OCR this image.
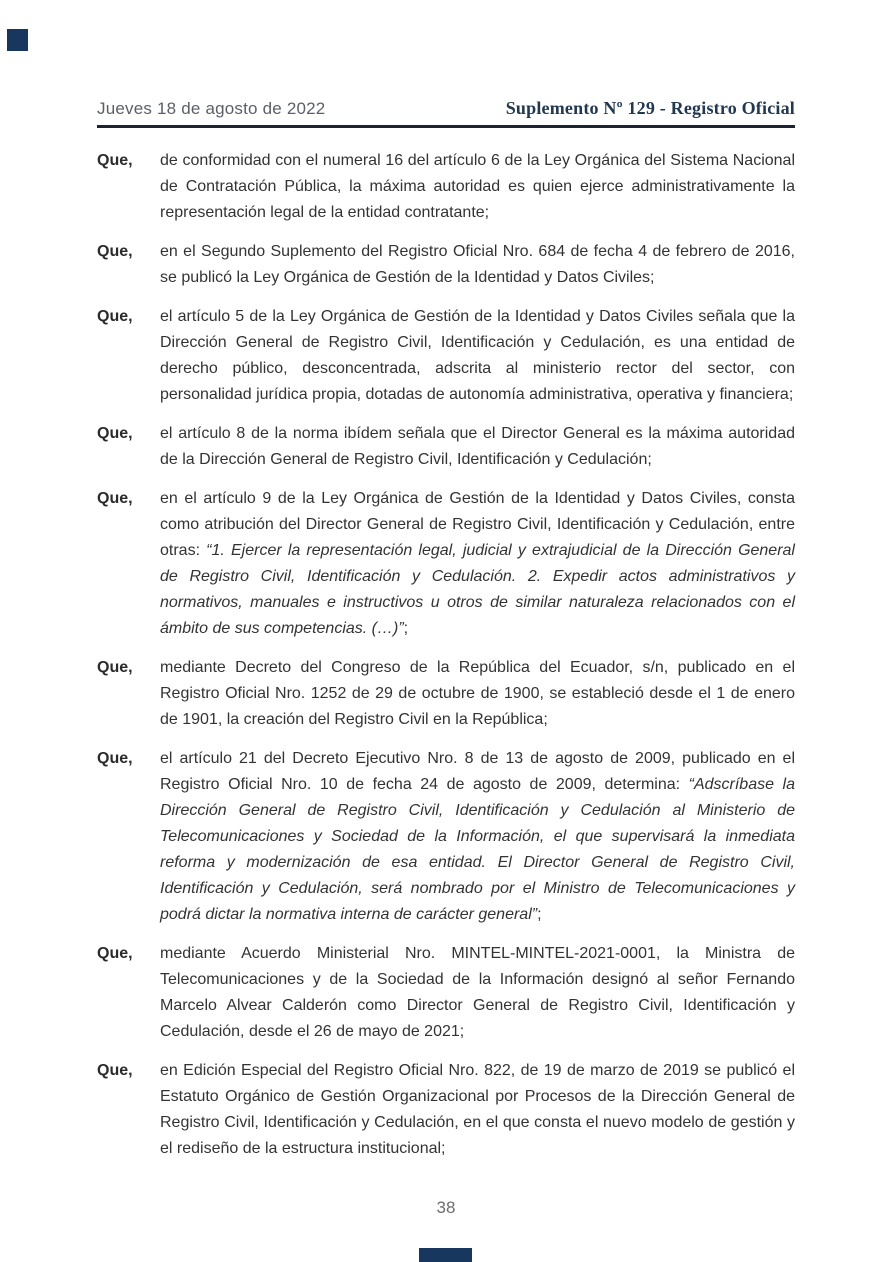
Jueves 18 de agosto de 2022	Suplemento Nº 129 - Registro Oficial
Que,	de conformidad con el numeral 16 del artículo 6 de la Ley Orgánica del Sistema Nacional de Contratación Pública, la máxima autoridad es quien ejerce administrativamente la representación legal de la entidad contratante;

Que,	en el Segundo Suplemento del Registro Oficial Nro. 684 de fecha 4 de febrero de 2016, se publicó la Ley Orgánica de Gestión de la Identidad y Datos Civiles;

Que,	el artículo 5 de la Ley Orgánica de Gestión de la Identidad y Datos Civiles señala que la Dirección General de Registro Civil, Identificación y Cedulación, es una entidad de derecho público, desconcentrada, adscrita al ministerio rector del sector, con personalidad jurídica propia, dotadas de autonomía administrativa, operativa y financiera;

Que,	el artículo 8 de la norma ibídem señala que el Director General es la máxima autoridad de la Dirección General de Registro Civil, Identificación y Cedulación;

Que,	en el artículo 9 de la Ley Orgánica de Gestión de la Identidad y Datos Civiles, consta como atribución del Director General de Registro Civil, Identificación y Cedulación, entre otras: “1. Ejercer la representación legal, judicial y extrajudicial de la Dirección General de Registro Civil, Identificación y Cedulación. 2. Expedir actos administrativos y normativos, manuales e instructivos u otros de similar naturaleza relacionados con el ámbito de sus competencias. (…)”;

Que,	mediante Decreto del Congreso de la República del Ecuador, s/n, publicado en el Registro Oficial Nro. 1252 de 29 de octubre de 1900, se estableció desde el 1 de enero de 1901, la creación del Registro Civil en la República;

Que,	el artículo 21 del Decreto Ejecutivo Nro. 8 de 13 de agosto de 2009, publicado en el Registro Oficial Nro. 10 de fecha 24 de agosto de 2009, determina: “Adscríbase la Dirección General de Registro Civil, Identificación y Cedulación al Ministerio de Telecomunicaciones y Sociedad de la Información, el que supervisará la inmediata reforma y modernización de esa entidad. El Director General de Registro Civil, Identificación y Cedulación, será nombrado por el Ministro de Telecomunicaciones y podrá dictar la normativa interna de carácter general”;

Que,	mediante Acuerdo Ministerial Nro. MINTEL-MINTEL-2021-0001, la Ministra de Telecomunicaciones y de la Sociedad de la Información designó al señor Fernando Marcelo Alvear Calderón como Director General de Registro Civil, Identificación y Cedulación, desde el 26 de mayo de 2021;

Que,	en Edición Especial del Registro Oficial Nro. 822, de 19 de marzo de 2019 se publicó el Estatuto Orgánico de Gestión Organizacional por Procesos de la Dirección General de Registro Civil, Identificación y Cedulación, en el que consta el nuevo modelo de gestión y el rediseño de la estructura institucional;

38
